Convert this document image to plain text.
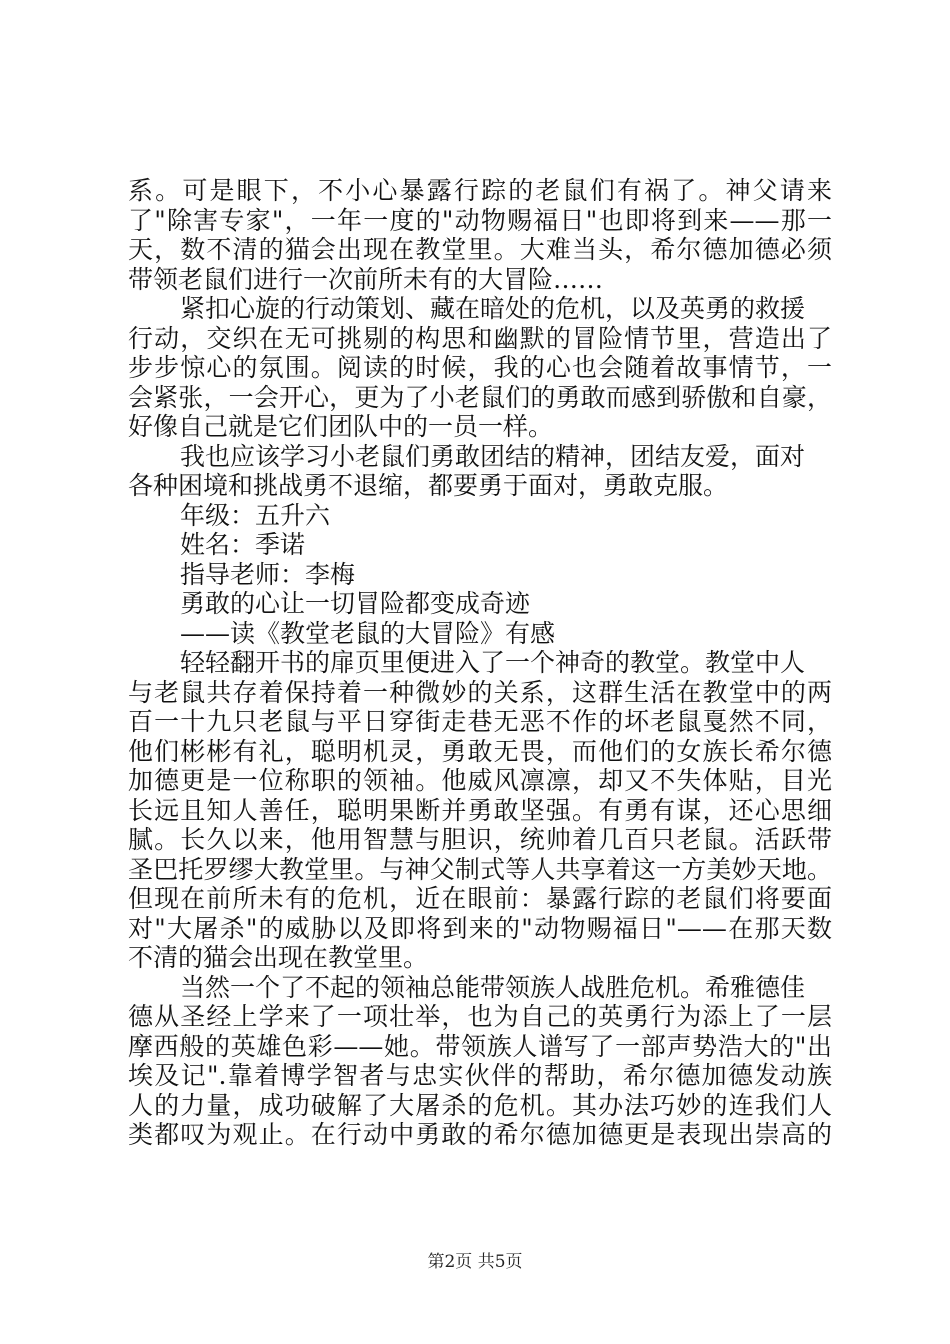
系。可是眼下，不小心暴露行踪的老鼠们有祸了。神父请来
了"除害专家"，一年一度的"动物赐福日"也即将到来——那一
天，数不清的猫会出现在教堂里。大难当头，希尔德加德必须
带领老鼠们进行一次前所未有的大冒险……
紧扣心旋的行动策划、藏在暗处的危机，以及英勇的救援
行动，交织在无可挑剔的构思和幽默的冒险情节里，营造出了
步步惊心的氛围。阅读的时候，我的心也会随着故事情节，一
会紧张，一会开心，更为了小老鼠们的勇敢而感到骄傲和自豪，
好像自己就是它们团队中的一员一样。
我也应该学习小老鼠们勇敢团结的精神，团结友爱，面对
各种困境和挑战勇不退缩，都要勇于面对，勇敢克服。
年级：五升六
姓名：季诺
指导老师：李梅
勇敢的心让一切冒险都变成奇迹
——读《教堂老鼠的大冒险》有感
轻轻翻开书的扉页里便进入了一个神奇的教堂。教堂中人
与老鼠共存着保持着一种微妙的关系，这群生活在教堂中的两
百一十九只老鼠与平日穿街走巷无恶不作的坏老鼠戛然不同，
他们彬彬有礼，聪明机灵，勇敢无畏，而他们的女族长希尔德
加德更是一位称职的领袖。他威风凛凛，却又不失体贴，目光
长远且知人善任，聪明果断并勇敢坚强。有勇有谋，还心思细
腻。长久以来，他用智慧与胆识，统帅着几百只老鼠。活跃带
圣巴托罗缪大教堂里。与神父制式等人共享着这一方美妙天地。
但现在前所未有的危机，近在眼前：暴露行踪的老鼠们将要面
对"大屠杀"的威胁以及即将到来的"动物赐福日"——在那天数
不清的猫会出现在教堂里。
当然一个了不起的领袖总能带领族人战胜危机。希雅德佳
德从圣经上学来了一项壮举，也为自己的英勇行为添上了一层
摩西般的英雄色彩——她。带领族人谱写了一部声势浩大的"出
埃及记".靠着博学智者与忠实伙伴的帮助，希尔德加德发动族
人的力量，成功破解了大屠杀的危机。其办法巧妙的连我们人
类都叹为观止。在行动中勇敢的希尔德加德更是表现出崇高的
第2页 共5页
